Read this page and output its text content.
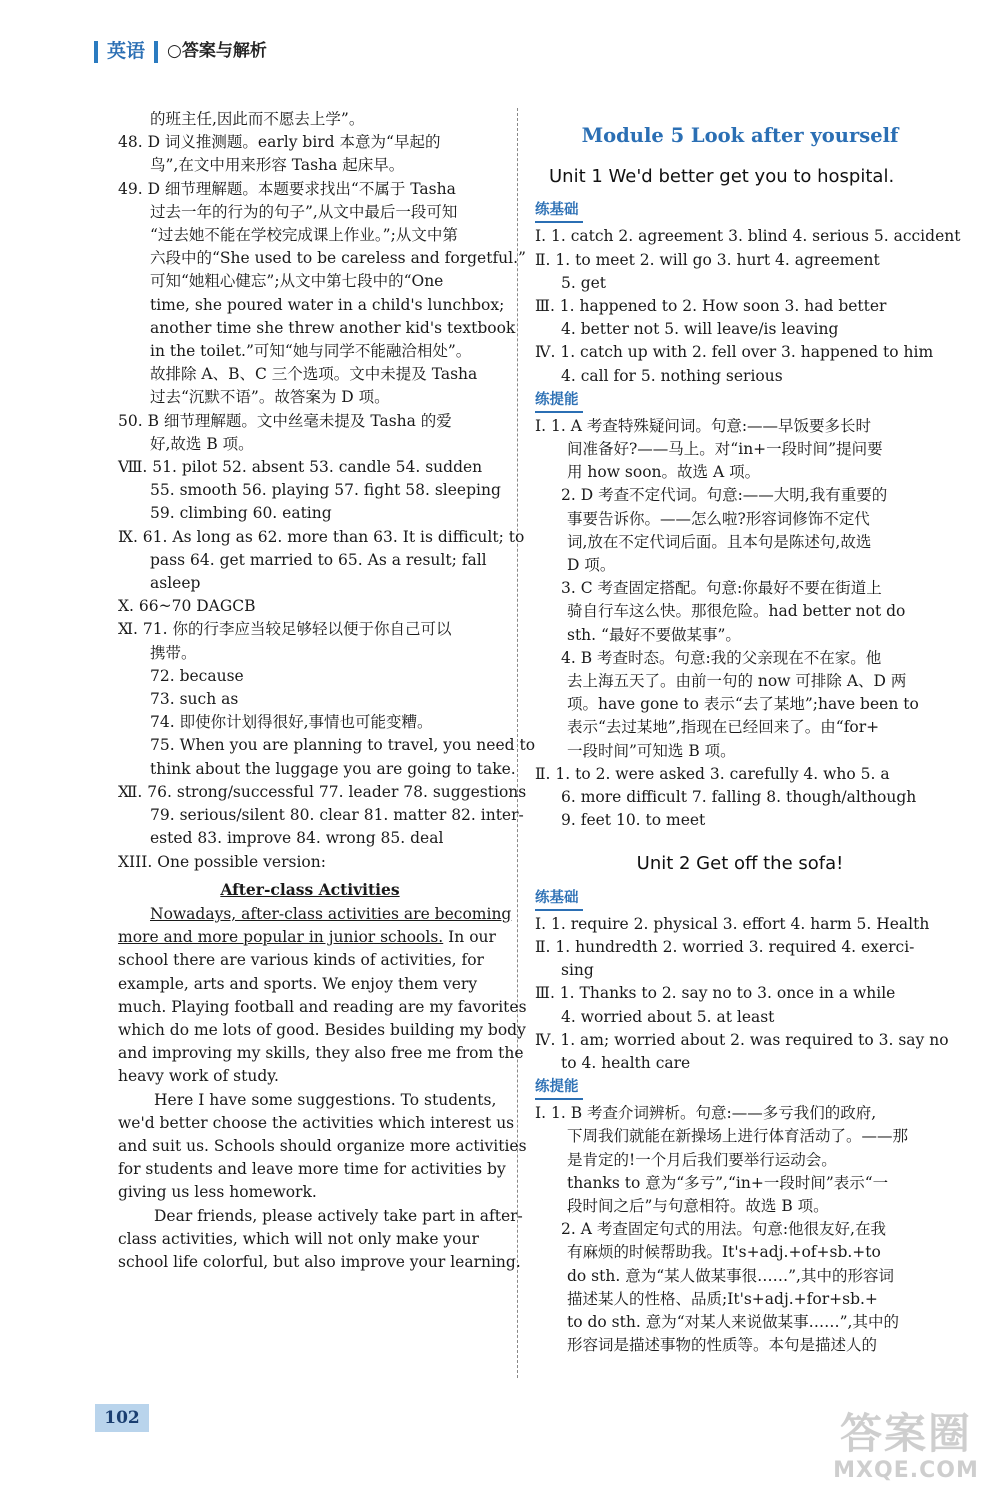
英语 ○答案与解析
的班主任,因此而不愿去上学”。
48. D 词义推测题。early bird 本意为“早起的
鸟”,在文中用来形容 Tasha 起床早。
49. D 细节理解题。本题要求找出“不属于 Tasha
过去一年的行为的句子”,从文中最后一段可知
“过去她不能在学校完成课上作业。”;从文中第
六段中的“She used to be careless and forgetful.”
可知“她粗心健忘”;从文中第七段中的“One
time, she poured water in a child's lunchbox;
another time she threw another kid's textbook
in the toilet.”可知“她与同学不能融洽相处”。
故排除 A、B、C 三个选项。文中未提及 Tasha
过去“沉默不语”。故答案为 D 项。
50. B 细节理解题。文中丝毫未提及 Tasha 的爱
好,故选 B 项。
Ⅷ. 51. pilot 52. absent 53. candle 54. sudden
55. smooth 56. playing 57. fight 58. sleeping
59. climbing 60. eating
Ⅸ. 61. As long as 62. more than 63. It is difficult; to
pass 64. get married to 65. As a result; fall
asleep
Ⅹ. 66~70 DAGCB
Ⅺ. 71. 你的行李应当较足够轻以便于你自己可以
携带。
72. because
73. such as
74. 即使你计划得很好,事情也可能变糟。
75. When you are planning to travel, you need to
think about the luggage you are going to take.
Ⅻ. 76. strong/successful 77. leader 78. suggestions
79. serious/silent 80. clear 81. matter 82. inter-
ested 83. improve 84. wrong 85. deal
XIII. One possible version:
After-class Activities
Nowadays, after-class activities are becoming
more and more popular in junior schools. In our
school there are various kinds of activities, for
example, arts and sports. We enjoy them very
much. Playing football and reading are my favorites
which do me lots of good. Besides building my body
and improving my skills, they also free me from the
heavy work of study.
Here I have some suggestions. To students,
we'd better choose the activities which interest us
and suit us. Schools should organize more activities
for students and leave more time for activities by
giving us less homework.
Dear friends, please actively take part in after-
class activities, which will not only make your
school life colorful, but also improve your learning.
Module 5 Look after yourself
Unit 1 We'd better get you to hospital.
练基础
Ⅰ. 1. catch 2. agreement 3. blind 4. serious 5. accident
Ⅱ. 1. to meet 2. will go 3. hurt 4. agreement
5. get
Ⅲ. 1. happened to 2. How soon 3. had better
4. better not 5. will leave/is leaving
Ⅳ. 1. catch up with 2. fell over 3. happened to him
4. call for 5. nothing serious
练提能
Ⅰ. 1. A 考查特殊疑问词。句意:——早饭要多长时
间准备好?——马上。对“in+一段时间”提问要
用 how soon。故选 A 项。
2. D 考查不定代词。句意:——大明,我有重要的
事要告诉你。——怎么啦?形容词修饰不定代
词,放在不定代词后面。且本句是陈述句,故选
D 项。
3. C 考查固定搭配。句意:你最好不要在街道上
骑自行车这么快。那很危险。had better not do
sth. “最好不要做某事”。
4. B 考查时态。句意:我的父亲现在不在家。他
去上海五天了。由前一句的 now 可排除 A、D 两
项。have gone to 表示“去了某地”;have been to
表示“去过某地”,指现在已经回来了。由“for+
一段时间”可知选 B 项。
Ⅱ. 1. to 2. were asked 3. carefully 4. who 5. a
6. more difficult 7. falling 8. though/although
9. feet 10. to meet
Unit 2 Get off the sofa!
练基础
Ⅰ. 1. require 2. physical 3. effort 4. harm 5. Health
Ⅱ. 1. hundredth 2. worried 3. required 4. exerci-
sing
Ⅲ. 1. Thanks to 2. say no to 3. once in a while
4. worried about 5. at least
Ⅳ. 1. am; worried about 2. was required to 3. say no
to 4. health care
练提能
Ⅰ. 1. B 考查介词辨析。句意:——多亏我们的政府,
下周我们就能在新操场上进行体育活动了。——那
是肯定的!一个月后我们要举行运动会。
thanks to 意为“多亏”,“in+一段时间”表示“一
段时间之后”与句意相符。故选 B 项。
2. A 考查固定句式的用法。句意:他很友好,在我
有麻烦的时候帮助我。It's+adj.+of+sb.+to
do sth. 意为“某人做某事很……”,其中的形容词
描述某人的性格、品质;It's+adj.+for+sb.+
to do sth. 意为“对某人来说做某事……”,其中的
形容词是描述事物的性质等。本句是描述人的
102	答案圈
MXQE.COM
